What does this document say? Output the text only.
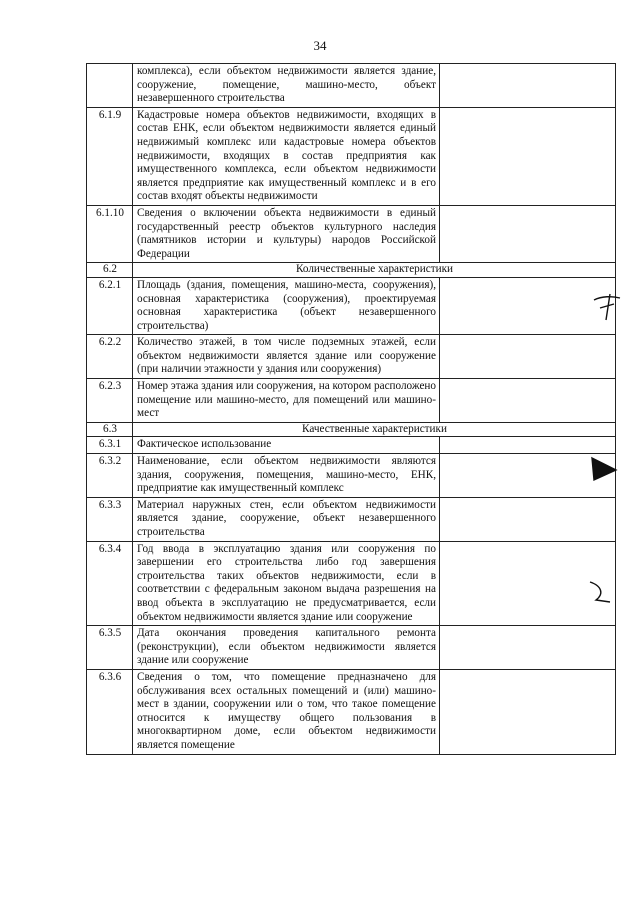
34
	комплекса), если объектом недвижимости является здание, сооружение, помещение, машино-место, объект незавершенного строительства	
6.1.9	Кадастровые номера объектов недвижимости, входящих в состав ЕНК, если объектом недвижимости является единый недвижимый комплекс или кадастровые номера объектов недвижимости, входящих в состав предприятия как имущественного комплекса, если объектом недвижимости является предприятие как имущественный комплекс и в его состав входят объекты недвижимости	
6.1.10	Сведения о включении объекта недвижимости в единый государственный реестр объектов культурного наследия (памятников истории и культуры) народов Российской Федерации	
6.2	Количественные характеристики	
6.2.1	Площадь (здания, помещения, машино-места, сооружения), основная характеристика (сооружения), проектируемая основная характеристика (объект незавершенного строительства)	
6.2.2	Количество этажей, в том числе подземных этажей, если объектом недвижимости является здание или сооружение (при наличии этажности у здания или сооружения)	
6.2.3	Номер этажа здания или сооружения, на котором расположено помещение или машино-место, для помещений или машино-мест	
6.3	Качественные характеристики	
6.3.1	Фактическое использование	
6.3.2	Наименование, если объектом недвижимости являются здания, сооружения, помещения, машино-место, ЕНК, предприятие как имущественный комплекс	
6.3.3	Материал наружных стен, если объектом недвижимости является здание, сооружение, объект незавершенного строительства	
6.3.4	Год ввода в эксплуатацию здания или сооружения по завершении его строительства либо год завершения строительства таких объектов недвижимости, если в соответствии с федеральным законом выдача разрешения на ввод объекта в эксплуатацию не предусматривается, если объектом недвижимости является здание или сооружение	
6.3.5	Дата окончания проведения капитального ремонта (реконструкции), если объектом недвижимости является здание или сооружение	
6.3.6	Сведения о том, что помещение предназначено для обслуживания всех остальных помещений и (или) машино-мест в здании, сооружении или о том, что такое помещение относится к имуществу общего пользования в многоквартирном доме, если объектом недвижимости является помещение	
